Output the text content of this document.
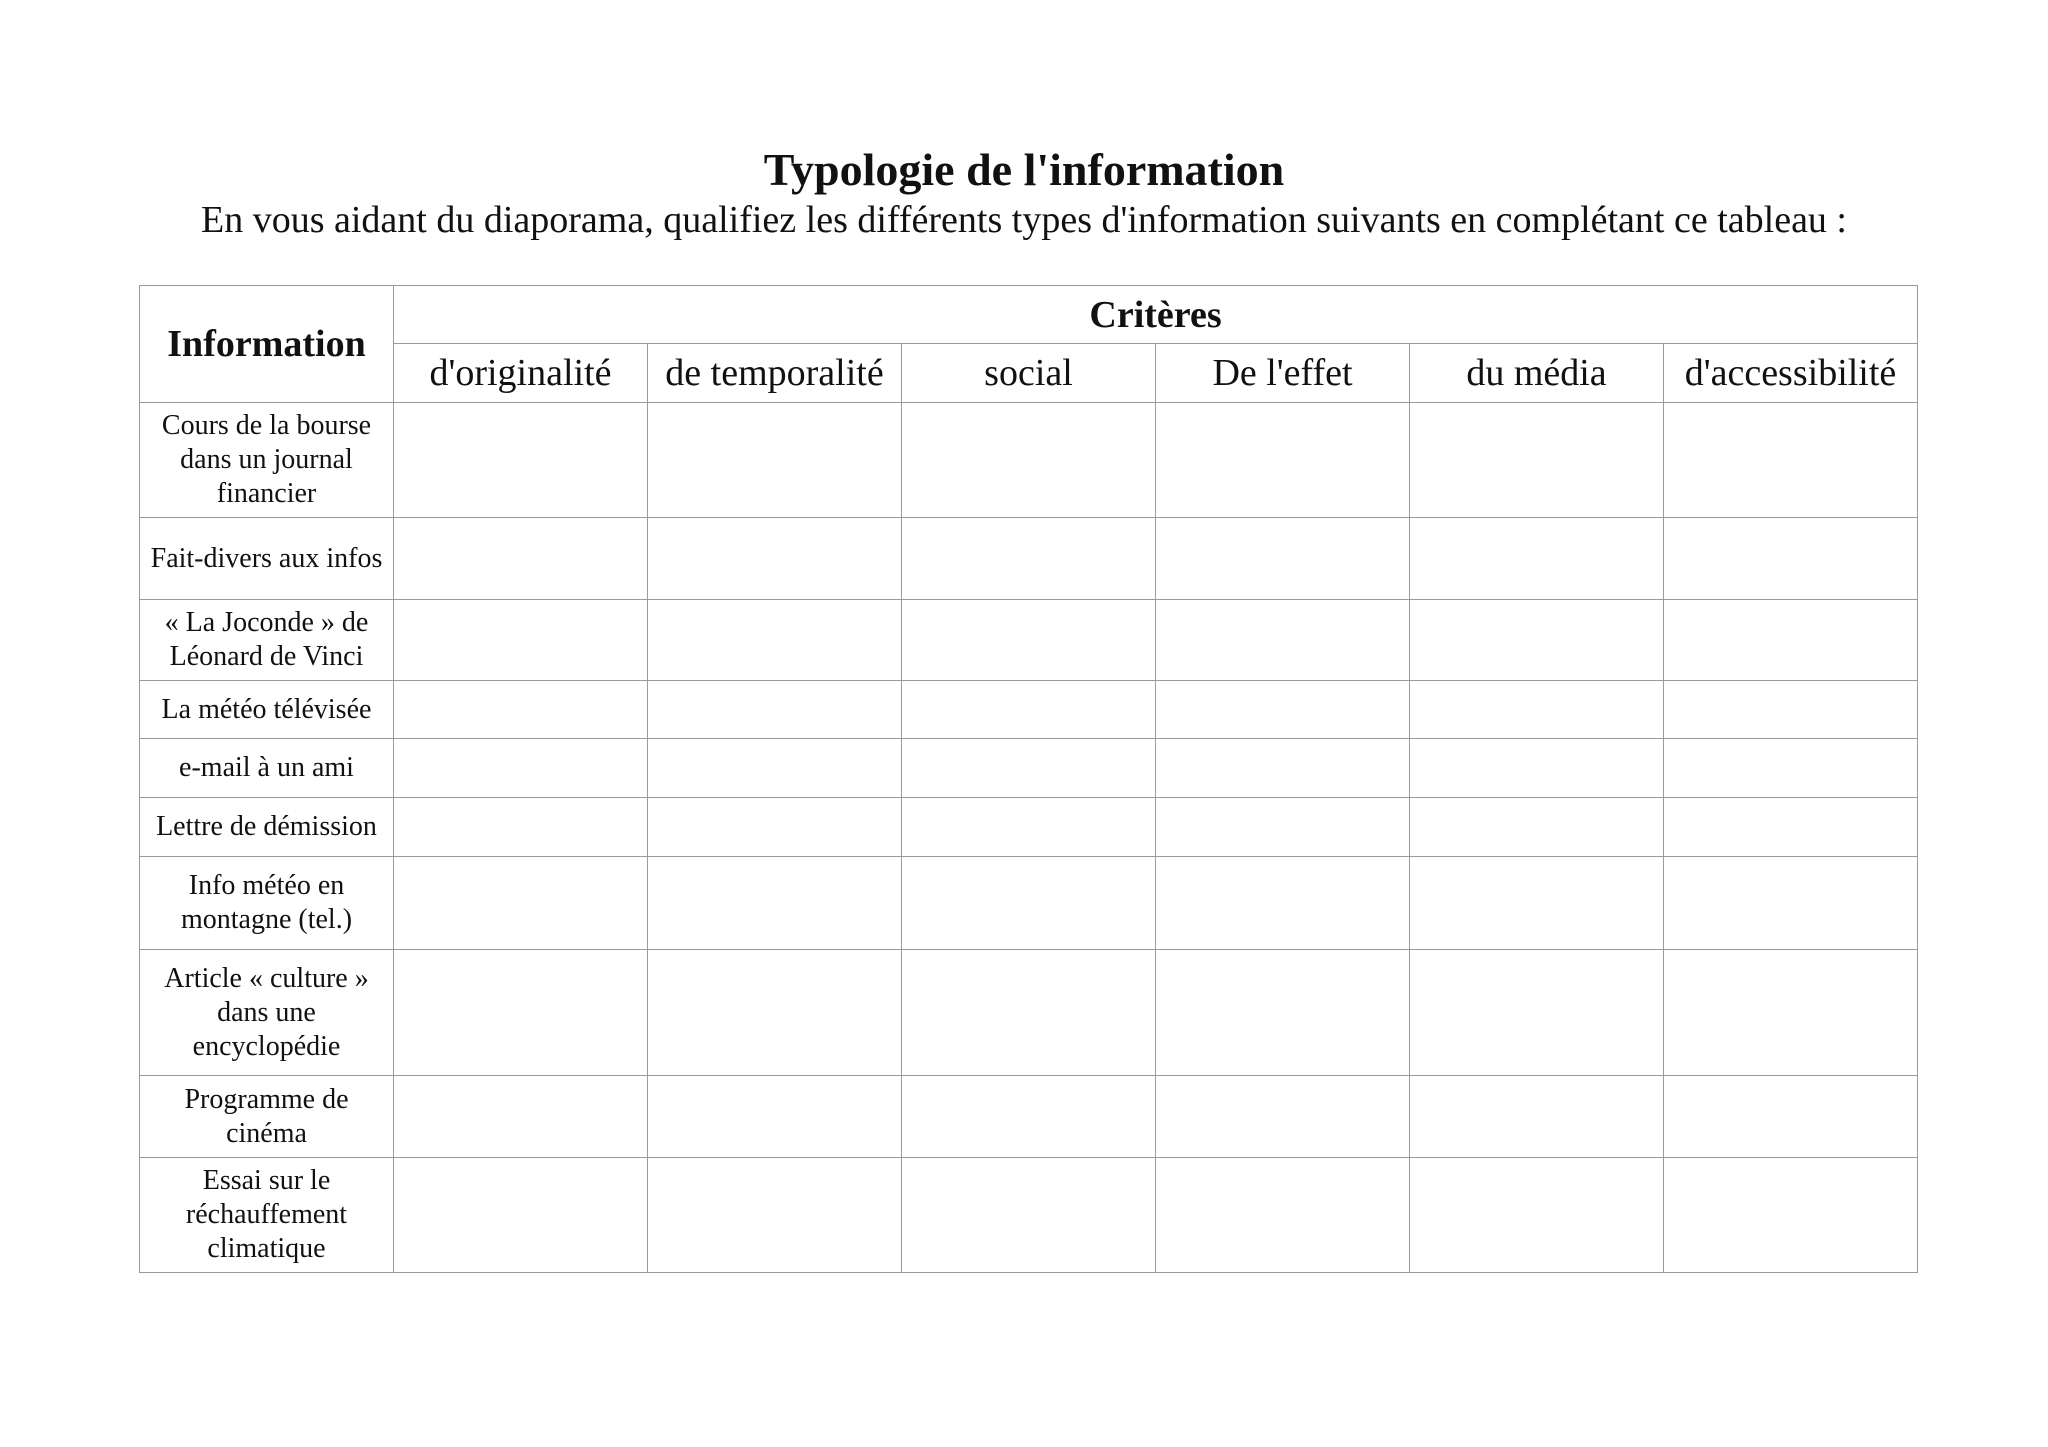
Typologie de l'information
En vous aidant du diaporama, qualifiez les différents types d'information suivants en complétant ce tableau :
Information	Critères					
	d'originalité	de temporalité	social	De l'effet	du média	d'accessibilité
Cours de la bourse dans un journal financier						
Fait-divers aux infos						
« La Joconde » de Léonard de Vinci						
La météo télévisée						
e-mail à un ami						
Lettre de démission						
Info météo en montagne (tel.)						
Article « culture » dans une encyclopédie						
Programme de cinéma						
Essai sur le réchauffement climatique						
